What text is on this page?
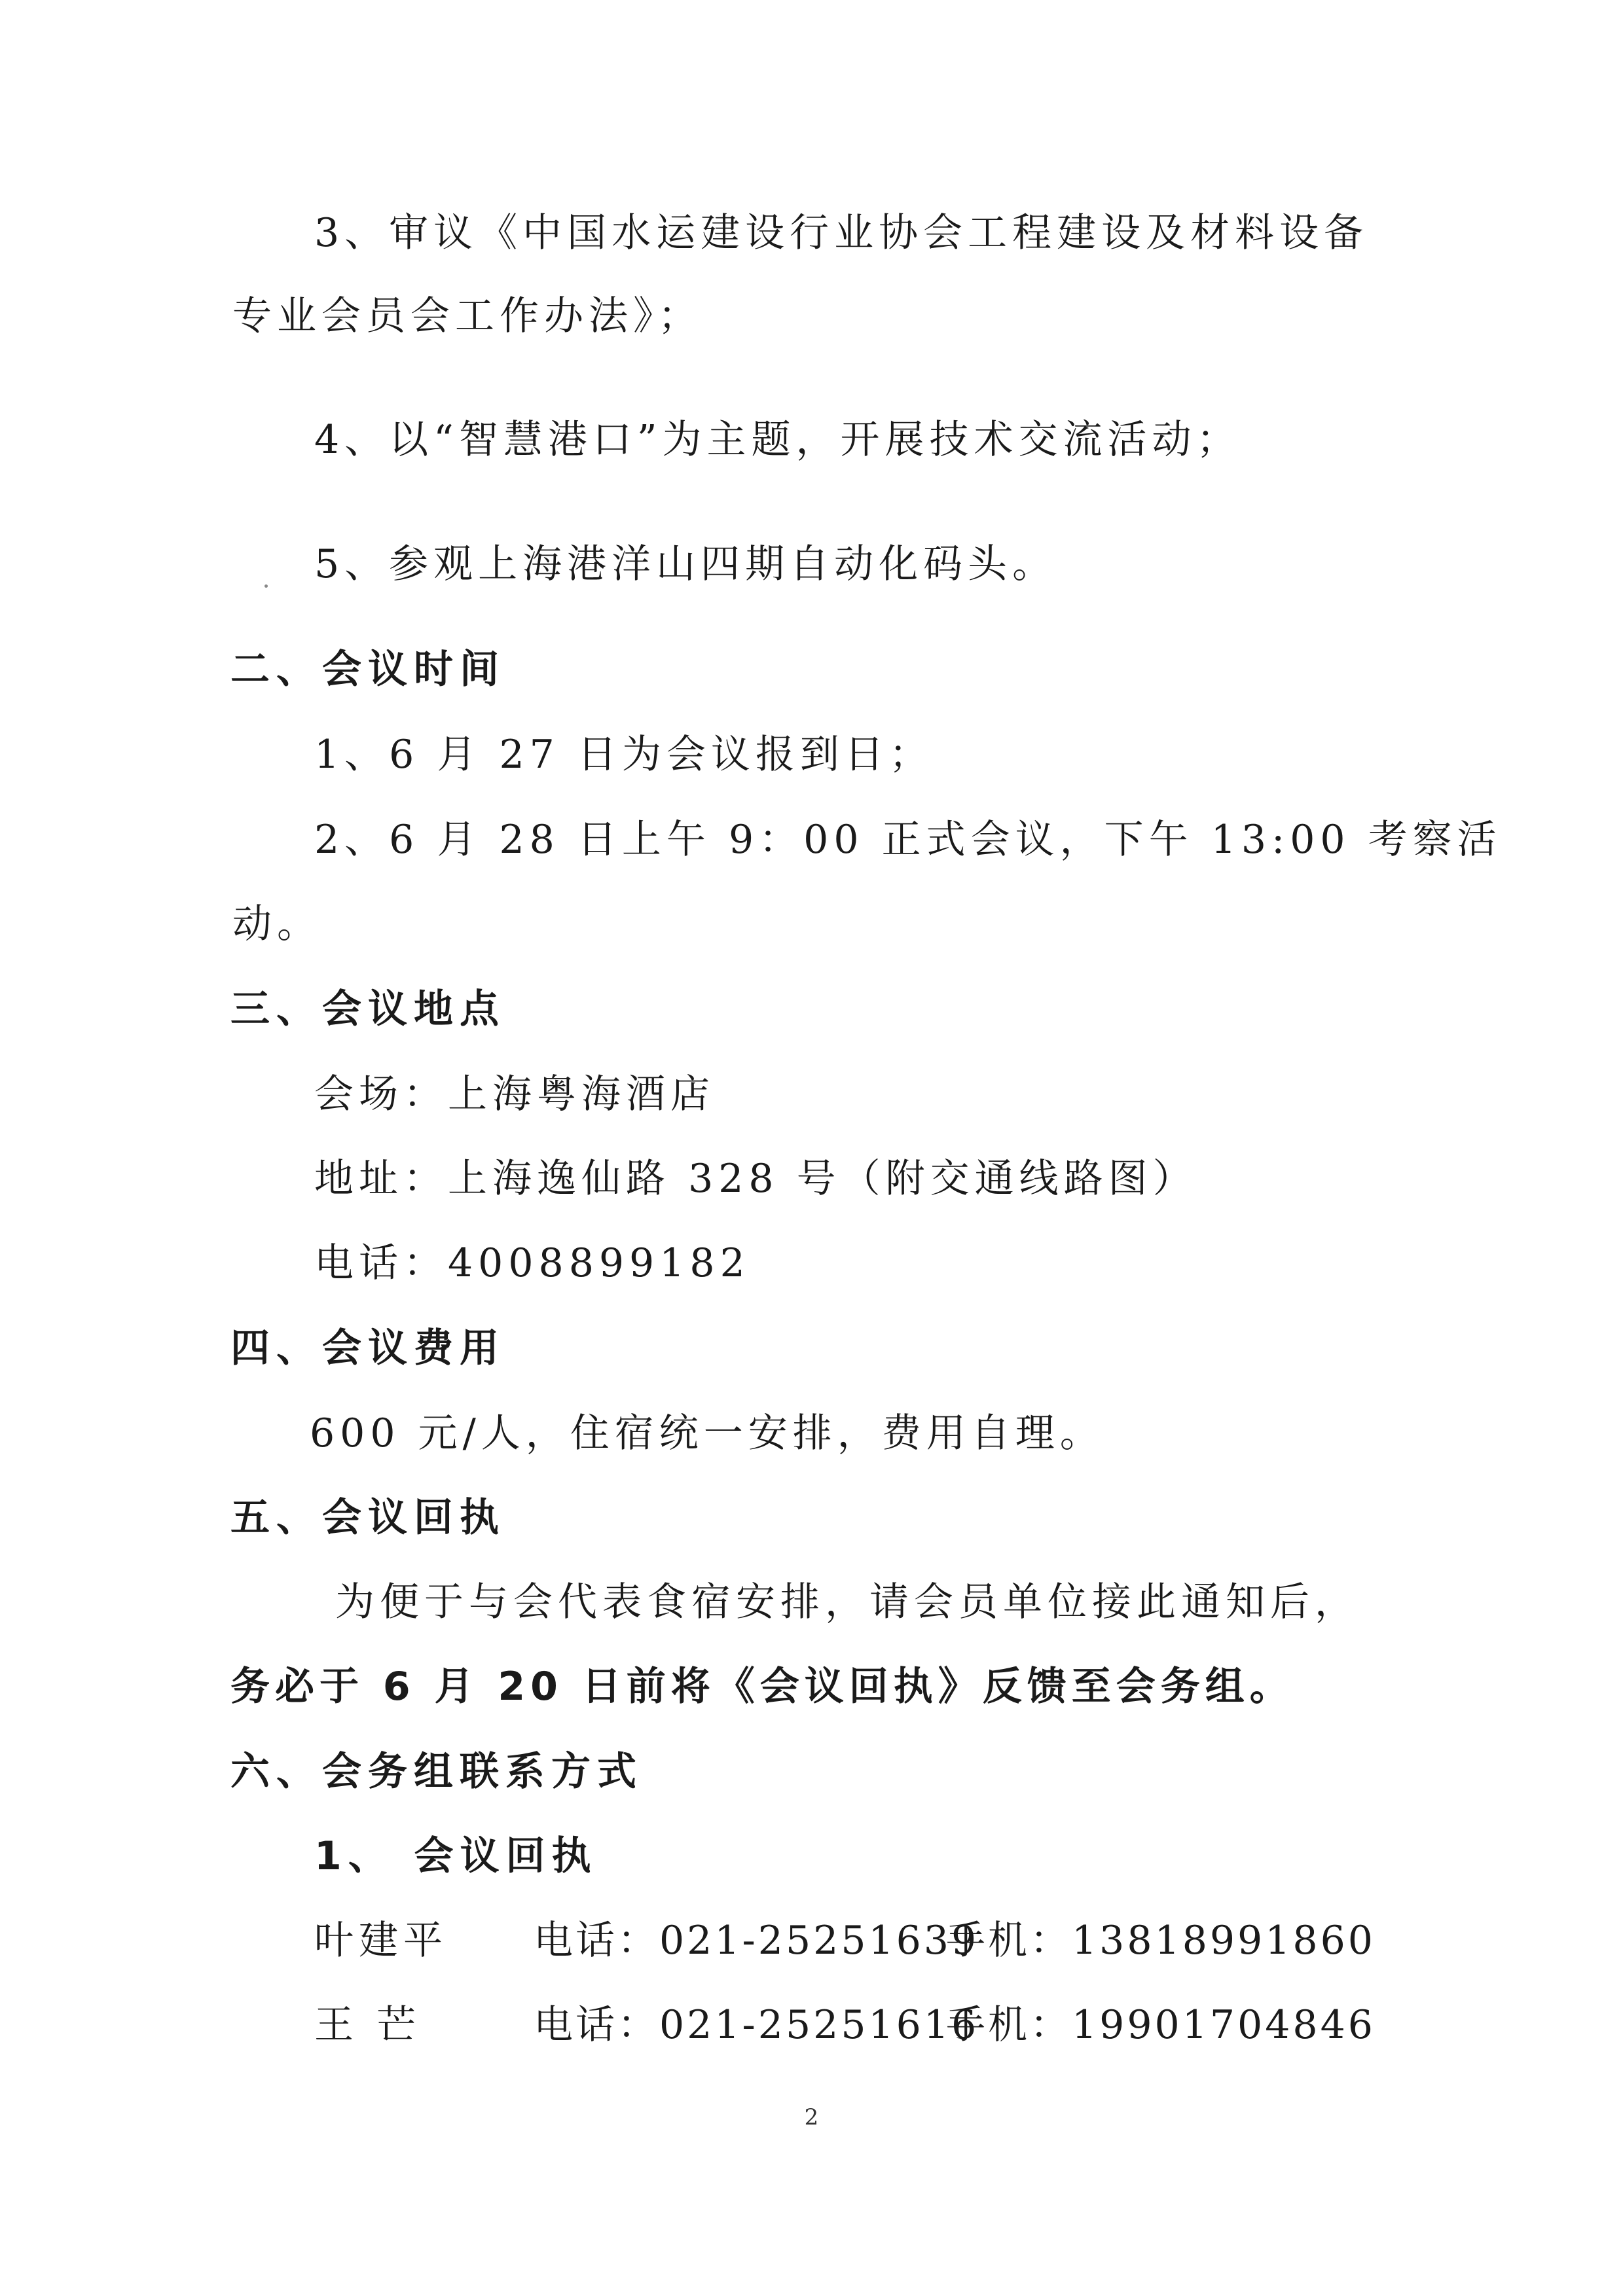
3、审议《中国水运建设行业协会工程建设及材料设备
专业会员会工作办法》；
4、以“智慧港口”为主题，开展技术交流活动；
5、参观上海港洋山四期自动化码头。
二、会议时间
1、6 月 27 日为会议报到日；
2、6 月 28 日上午 9：00 正式会议，下午 13:00 考察活
动。
三、会议地点
会场：上海粤海酒店
地址：上海逸仙路 328 号（附交通线路图）
电话：4008899182
四、会议费用
600 元/人，住宿统一安排，费用自理。
五、会议回执
为便于与会代表食宿安排，请会员单位接此通知后，
务必于 6 月 20 日前将《会议回执》反馈至会务组。
六、会务组联系方式
1、 会议回执
叶建平 电话：021-25251639
手机：13818991860
王 芒	电话：021-25251616
手机：19901704846
2
